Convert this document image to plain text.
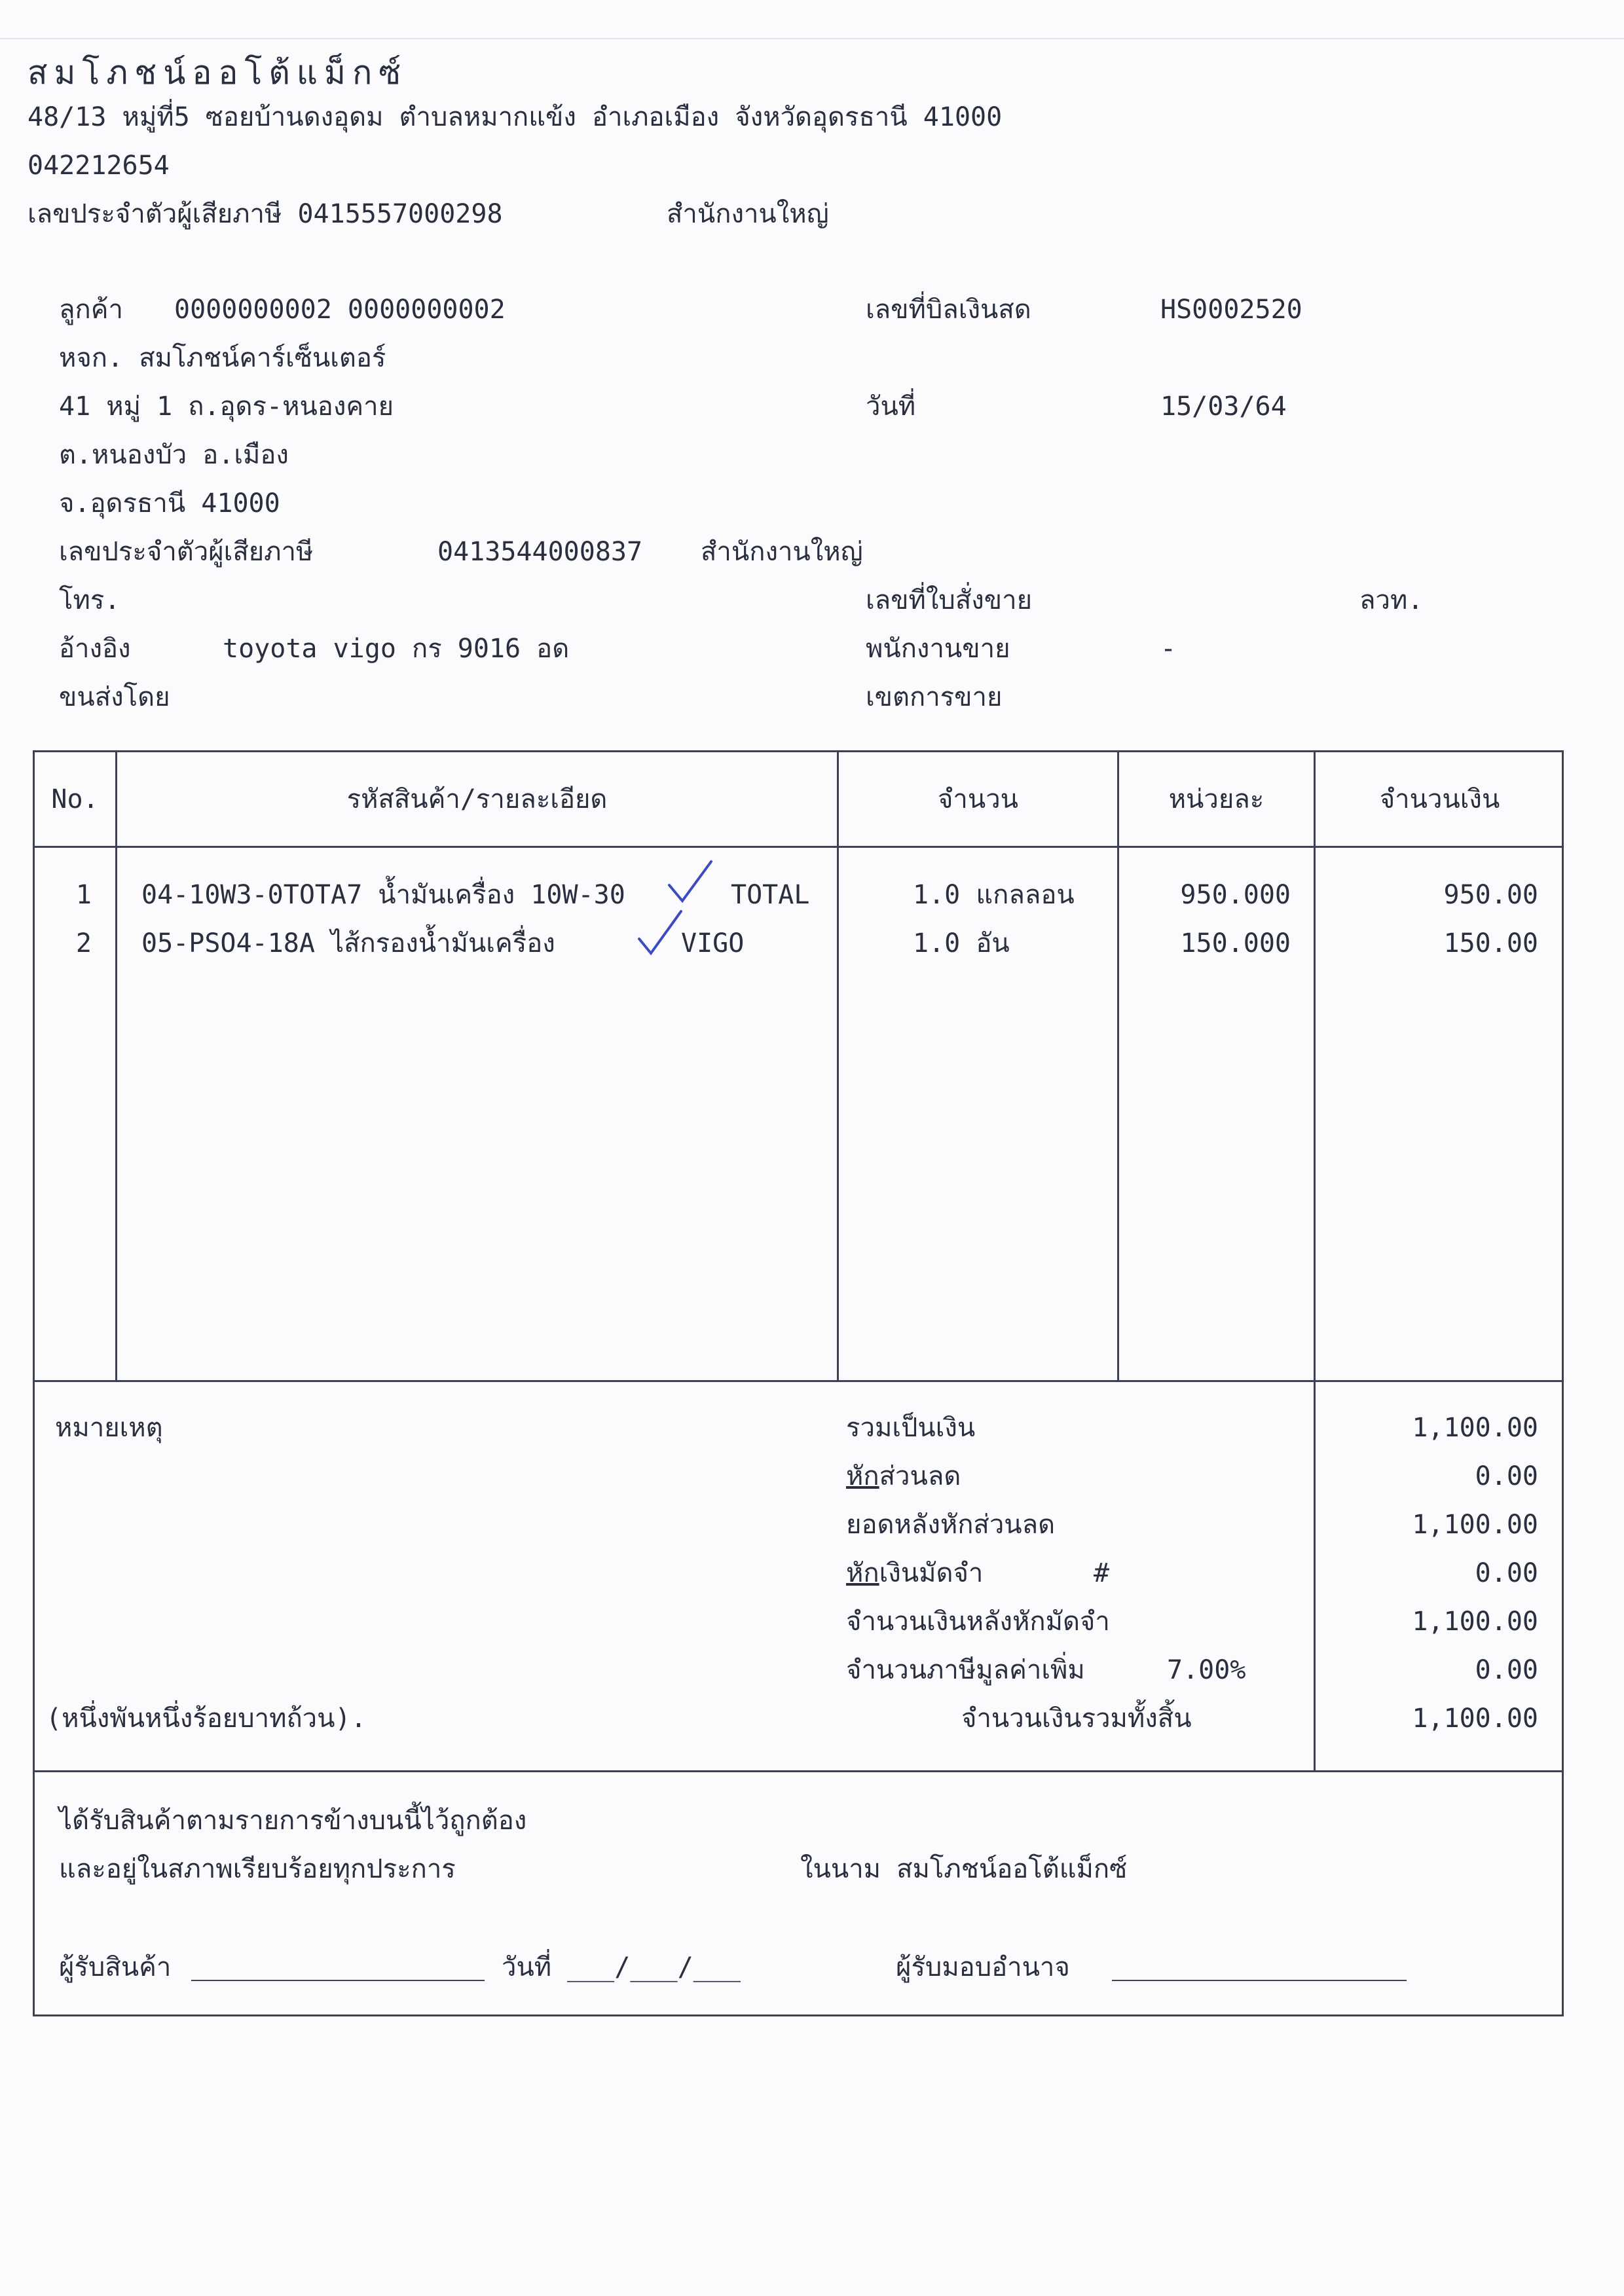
สมโภชน์ออโต้แม็กซ์
48/13 หมู่ที่5 ซอยบ้านดงอุดม ตำบลหมากแข้ง อำเภอเมือง จังหวัดอุดรธานี 41000
042212654
เลขประจำตัวผู้เสียภาษี 0415557000298	สำนักงานใหญ่
ลูกค้า 0000000002 0000000002
หจก. สมโภชน์คาร์เซ็นเตอร์
41 หมู่ 1 ถ.อุดร-หนองคาย
ต.หนองบัว อ.เมือง
จ.อุดรธานี 41000
เลขประจำตัวผู้เสียภาษี	0413544000837 สำนักงานใหญ่
โทร.
อ้างอิง	toyota vigo กร 9016 อด
ขนส่งโดย
เลขที่บิลเงินสด	HS0002520
วันที่	15/03/64
เลขที่ใบสั่งขาย	ลวท.
พนักงานขาย	-
เขตการขาย
No.	รหัสสินค้า/รายละเอียด	จำนวน	หน่วยละ	จำนวนเงิน
1 04-10W3-0TOTA7 น้ำมันเครื่อง 10W-30	TOTAL	1.0 แกลลอน	950.000	950.00
2 05-PSO4-18A ไส้กรองน้ำมันเครื่อง	VIGO	1.0 อัน	150.000	150.00
หมายเหตุ	รวมเป็นเงิน	1,100.00
หักส่วนลด	0.00
ยอดหลังหักส่วนลด	1,100.00
หักเงินมัดจำ	#	0.00
จำนวนเงินหลังหักมัดจำ	1,100.00
จำนวนภาษีมูลค่าเพิ่ม	7.00%	0.00
(หนึ่งพันหนึ่งร้อยบาทถ้วน).	จำนวนเงินรวมทั้งสิ้น	1,100.00
ได้รับสินค้าตามรายการข้างบนนี้ไว้ถูกต้อง
และอยู่ในสภาพเรียบร้อยทุกประการ	ในนาม สมโภชน์ออโต้แม็กซ์
ผู้รับสินค้า	วันที่ ___/___/___	ผู้รับมอบอำนาจ
